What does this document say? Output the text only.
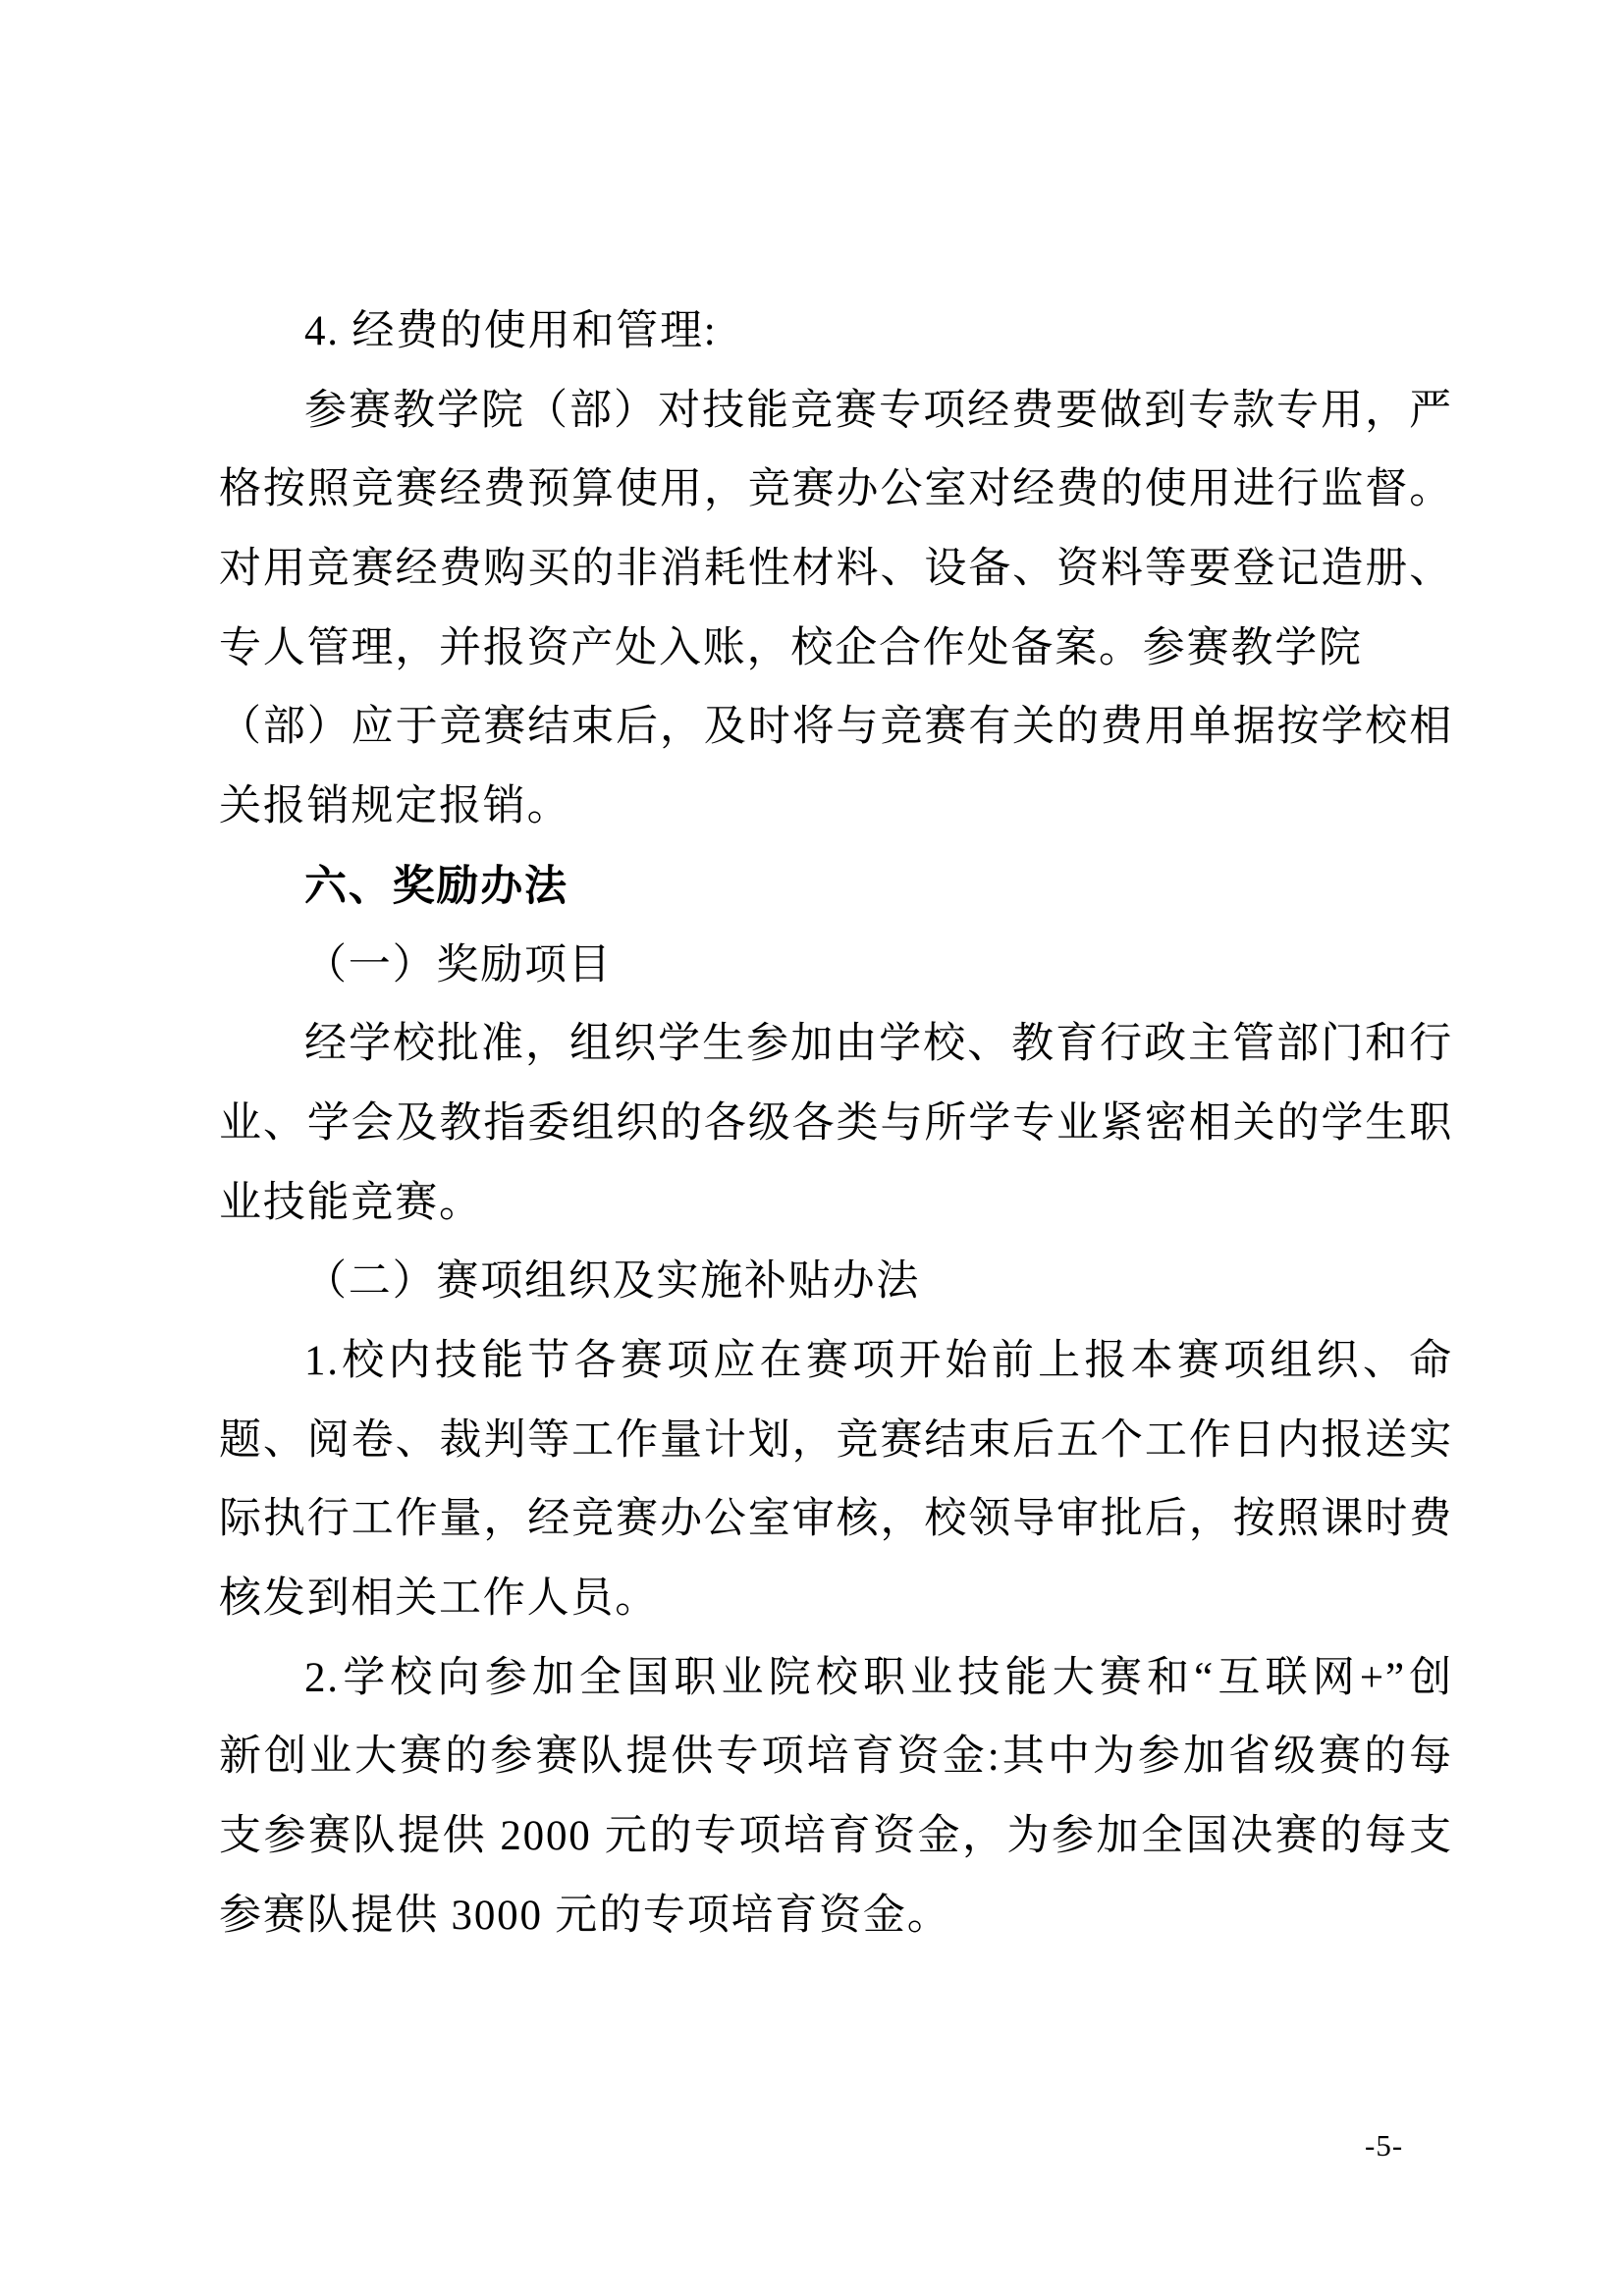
4. 经费的使用和管理:
参赛教学院（部）对技能竞赛专项经费要做到专款专用，严
格按照竞赛经费预算使用，竞赛办公室对经费的使用进行监督。
对用竞赛经费购买的非消耗性材料、设备、资料等要登记造册、
专人管理，并报资产处入账，校企合作处备案。参赛教学院
（部）应于竞赛结束后，及时将与竞赛有关的费用单据按学校相
关报销规定报销。
六、奖励办法
（一）奖励项目
经学校批准，组织学生参加由学校、教育行政主管部门和行
业、学会及教指委组织的各级各类与所学专业紧密相关的学生职
业技能竞赛。
（二）赛项组织及实施补贴办法
1.校内技能节各赛项应在赛项开始前上报本赛项组织、命
题、阅卷、裁判等工作量计划，竞赛结束后五个工作日内报送实
际执行工作量，经竞赛办公室审核，校领导审批后，按照课时费
核发到相关工作人员。
2.学校向参加全国职业院校职业技能大赛和“互联网+”创
新创业大赛的参赛队提供专项培育资金:其中为参加省级赛的每
支参赛队提供 2000 元的专项培育资金，为参加全国决赛的每支
参赛队提供 3000 元的专项培育资金。
-5-
